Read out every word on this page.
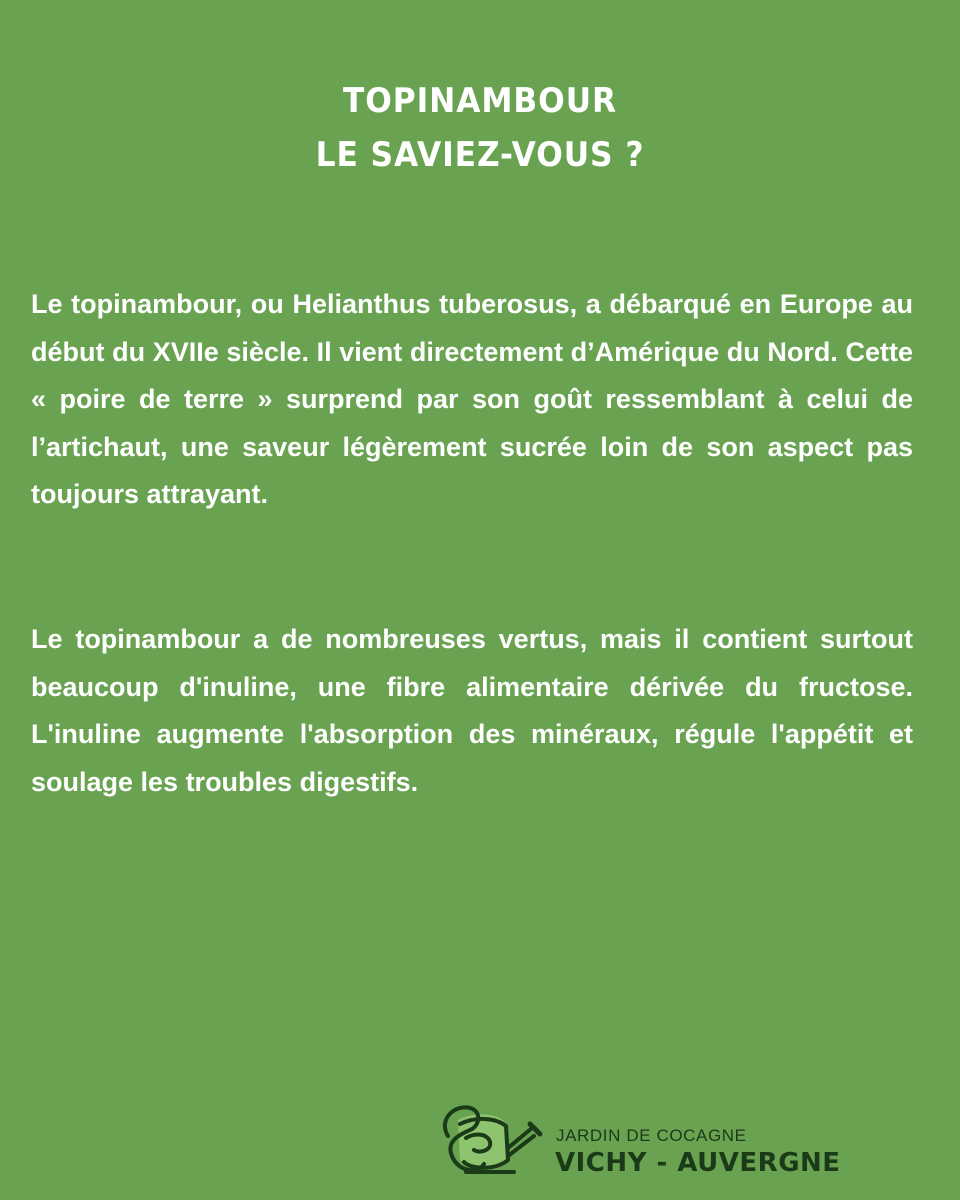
TOPINAMBOUR
LE SAVIEZ-VOUS ?

Le topinambour, ou Helianthus tuberosus, a débarqué en Europe au début du XVIIe siècle. Il vient directement d’Amérique du Nord. Cette « poire de terre » surprend par son goût ressemblant à celui de l’artichaut, une saveur légèrement sucrée loin de son aspect pas toujours attrayant.

Le topinambour a de nombreuses vertus, mais il contient surtout beaucoup d'inuline, une fibre alimentaire dérivée du fructose. L'inuline augmente l'absorption des minéraux, régule l'appétit et soulage les troubles digestifs.

JARDIN DE COCAGNE
VICHY - AUVERGNE
